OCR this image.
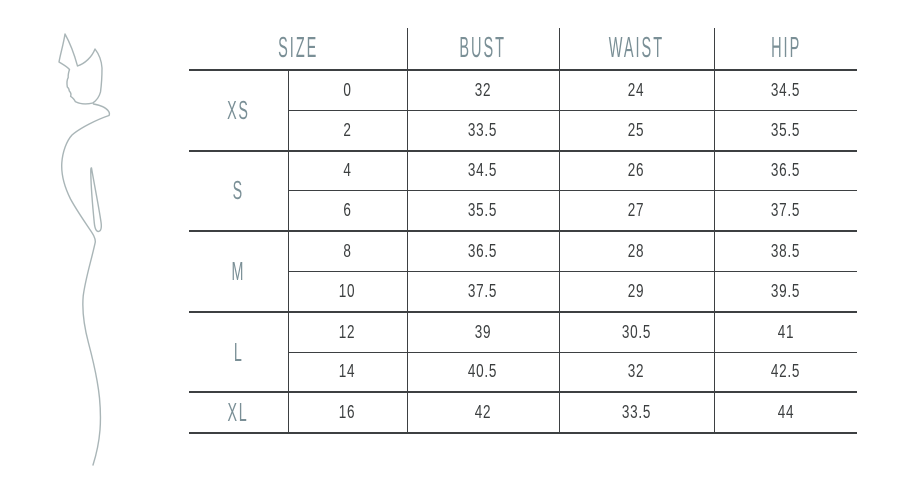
SIZE		BUST	WAIST	HIP
XS	0	32	24	34.5
	2	33.5	25	35.5
S	4	34.5	26	36.5
	6	35.5	27	37.5
M	8	36.5	28	38.5
	10	37.5	29	39.5
L	12	39	30.5	41
	14	40.5	32	42.5
XL	16	42	33.5	44
